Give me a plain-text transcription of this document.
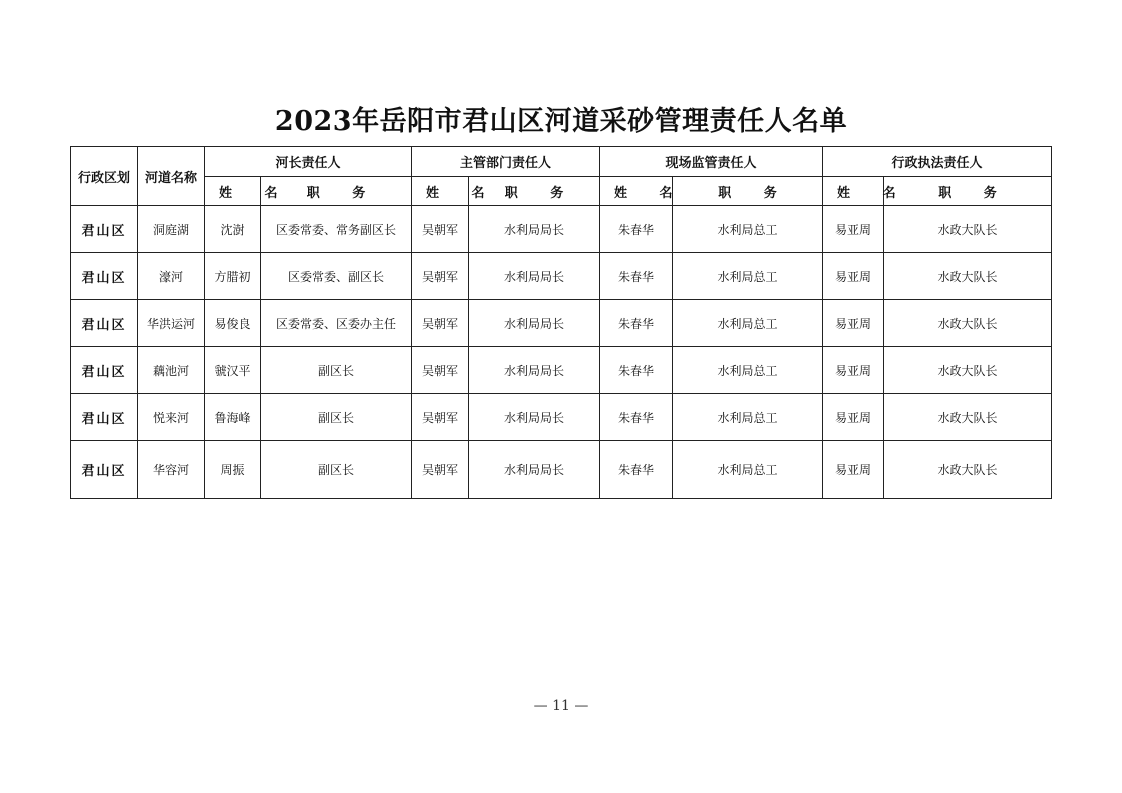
2023年岳阳市君山区河道采砂管理责任人名单
行政区划	河道名称	河长责任人		主管部门责任人		现场监管责任人		行政执法责任人	
		姓 名	职 务	姓 名	职 务	姓 名	职 务	姓 名	职 务
君山区	洞庭湖	沈澍	区委常委、常务副区长	吴朝军	水利局局长	朱春华	水利局总工	易亚周	水政大队长
君山区	濠河	方腊初	区委常委、副区长	吴朝军	水利局局长	朱春华	水利局总工	易亚周	水政大队长
君山区	华洪运河	易俊良	区委常委、区委办主任	吴朝军	水利局局长	朱春华	水利局总工	易亚周	水政大队长
君山区	藕池河	虢汉平	副区长	吴朝军	水利局局长	朱春华	水利局总工	易亚周	水政大队长
君山区	悦来河	鲁海峰	副区长	吴朝军	水利局局长	朱春华	水利局总工	易亚周	水政大队长
君山区	华容河	周振	副区长	吴朝军	水利局局长	朱春华	水利局总工	易亚周	水政大队长
— 11 —
